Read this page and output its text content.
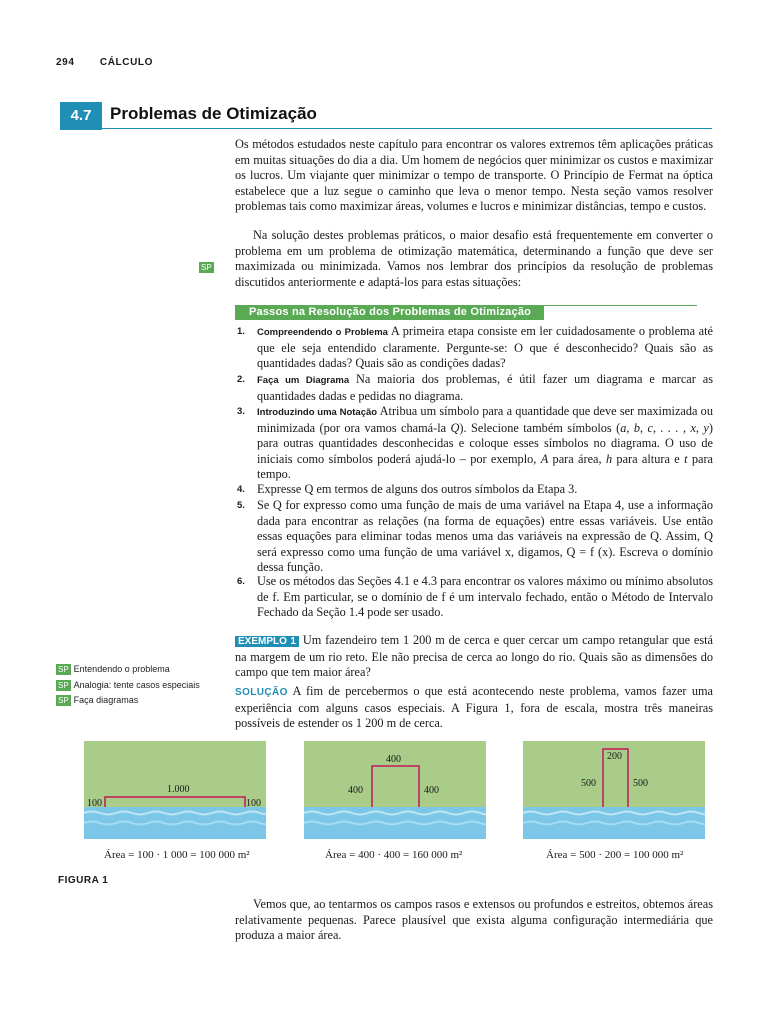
294	CÁLCULO
4.7	Problemas de Otimização

Os métodos estudados neste capítulo para encontrar os valores extremos têm aplicações práticas em muitas situações do dia a dia. Um homem de negócios quer minimizar os custos e maximizar os lucros. Um viajante quer minimizar o tempo de transporte. O Princípio de Fermat na óptica estabelece que a luz segue o caminho que leva o menor tempo. Nesta seção vamos resolver problemas tais como maximizar áreas, volumes e lucros e minimizar distâncias, tempo e custos.

Na solução destes problemas práticos, o maior desafio está frequentemente em converter o problema em um problema de otimização matemática, determinando a função que deve ser maximizada ou minimizada. Vamos nos lembrar dos princípios da resolução de problemas discutidos anteriormente e adaptá-los para estas situações:

SP
Passos na Resolução dos Problemas de Otimização
1. Compreendendo o Problema A primeira etapa consiste em ler cuidadosamente o problema até que ele seja entendido claramente. Pergunte-se: O que é desconhecido? Quais são as quantidades dadas? Quais são as condições dadas?
2. Faça um Diagrama Na maioria dos problemas, é útil fazer um diagrama e marcar as quantidades dadas e pedidas no diagrama.
3. Introduzindo uma Notação Atribua um símbolo para a quantidade que deve ser maximizada ou minimizada (por ora vamos chamá-la Q). Selecione também símbolos (a, b, c, . . . , x, y) para outras quantidades desconhecidas e coloque esses símbolos no diagrama. O uso de iniciais como símbolos poderá ajudá-lo – por exemplo, A para área, h para altura e t para tempo.
4. Expresse Q em termos de alguns dos outros símbolos da Etapa 3.
5. Se Q for expresso como uma função de mais de uma variável na Etapa 4, use a informação dada para encontrar as relações (na forma de equações) entre essas variáveis. Use então essas equações para eliminar todas menos uma das variáveis na expressão de Q. Assim, Q será expresso como uma função de uma variável x, digamos, Q = f (x). Escreva o domínio dessa função.
6. Use os métodos das Seções 4.1 e 4.3 para encontrar os valores máximo ou mínimo absolutos de f. Em particular, se o domínio de f é um intervalo fechado, então o Método de Intervalo Fechado da Seção 1.4 pode ser usado.

EXEMPLO 1 Um fazendeiro tem 1 200 m de cerca e quer cercar um campo retangular que está na margem de um rio reto. Ele não precisa de cerca ao longo do rio. Quais são as dimensões do campo que tem maior área?

SOLUÇÃO A fim de percebermos o que está acontecendo neste problema, vamos fazer uma experiência com alguns casos especiais. A Figura 1, fora de escala, mostra três maneiras possíveis de estender os 1 200 m de cerca.

SP Entendendo o problema
SP Analogia: tente casos especiais
SP Faça diagramas
100
1.000
100
400
400
400
500
200
500
Área = 100 · 1 000 = 100 000 m²	Área = 400 · 400 = 160 000 m²	Área = 500 · 200 = 100 000 m²
FIGURA 1

Vemos que, ao tentarmos os campos rasos e extensos ou profundos e estreitos, obtemos áreas relativamente pequenas. Parece plausível que exista alguma configuração intermediária que produza a maior área.
